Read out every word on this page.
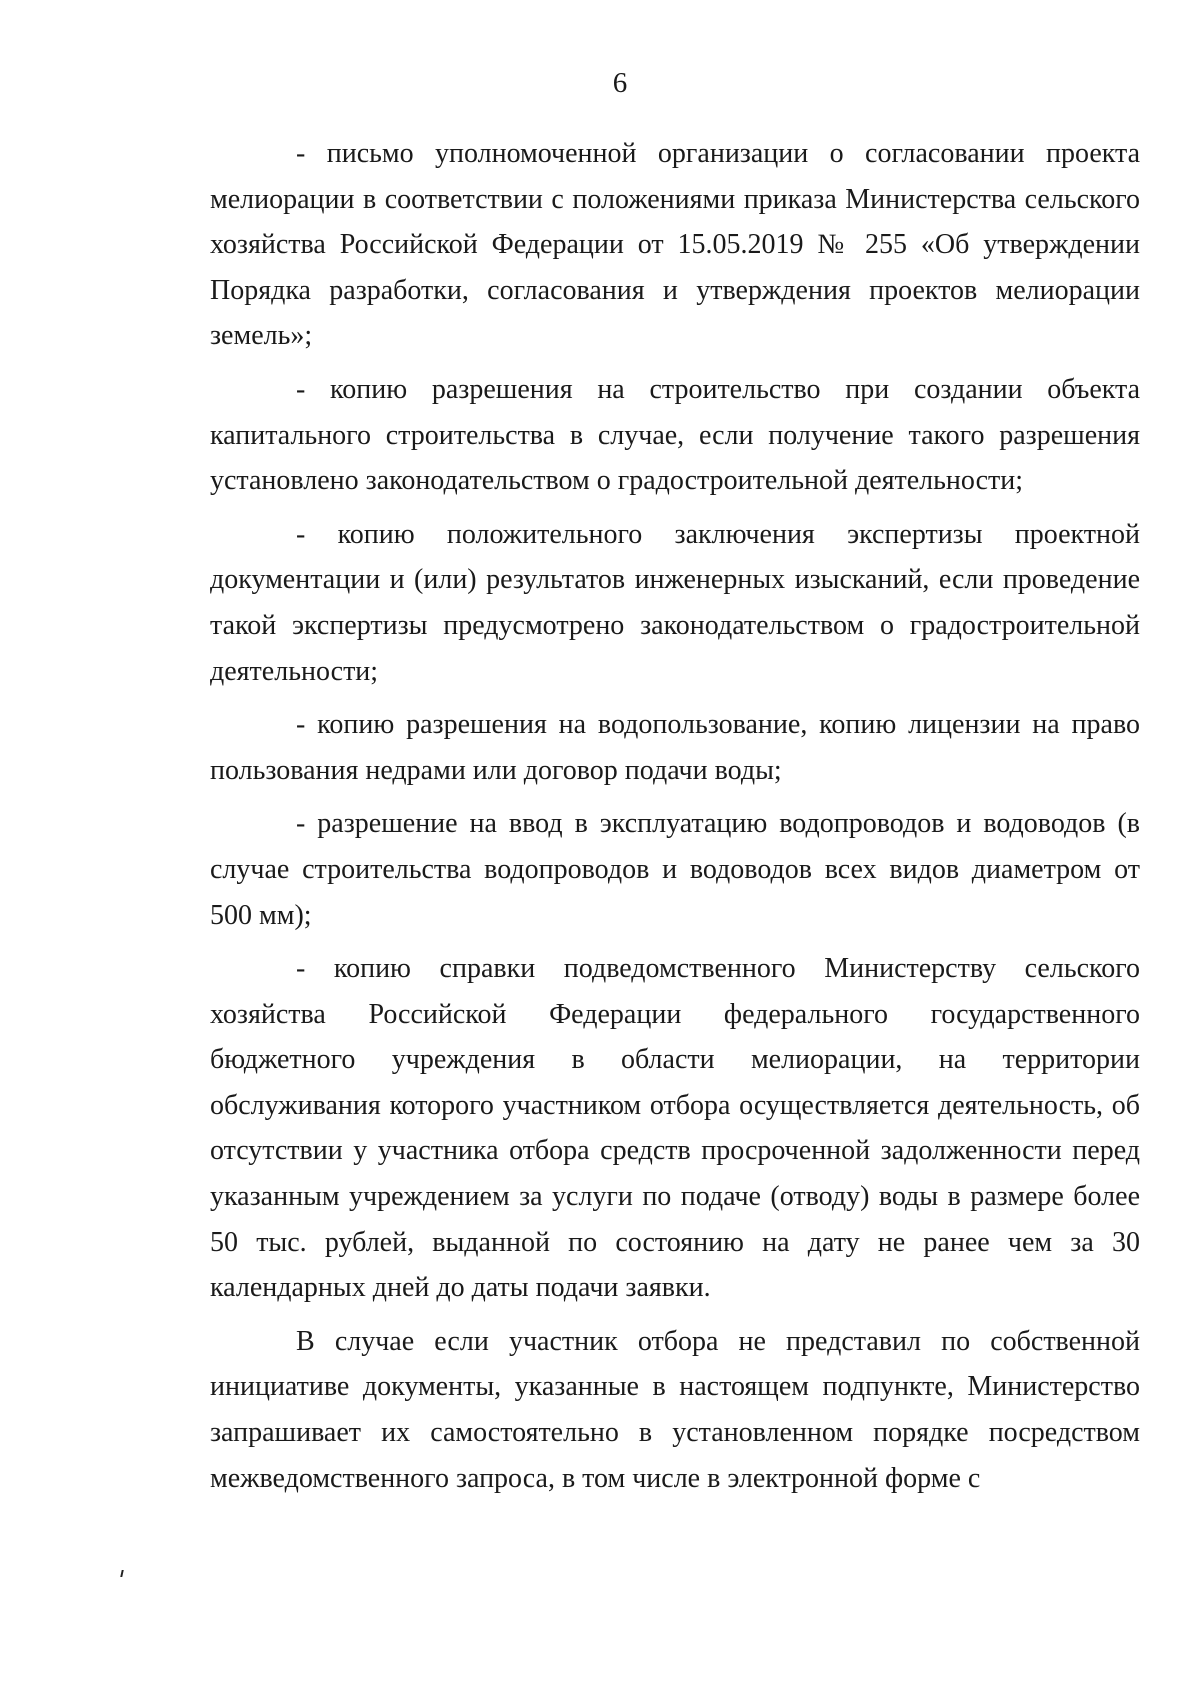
6

- письмо уполномоченной организации о согласовании проекта мелиорации в соответствии с положениями приказа Министерства сельского хозяйства Российской Федерации от 15.05.2019 № 255 «Об утверждении Порядка разработки, согласования и утверждения проектов мелиорации земель»;

- копию разрешения на строительство при создании объекта капитального строительства в случае, если получение такого разрешения установлено законодательством о градостроительной деятельности;

- копию положительного заключения экспертизы проектной документации и (или) результатов инженерных изысканий, если проведение такой экспертизы предусмотрено законодательством о градостроительной деятельности;

- копию разрешения на водопользование, копию лицензии на право пользования недрами или договор подачи воды;

- разрешение на ввод в эксплуатацию водопроводов и водоводов (в случае строительства водопроводов и водоводов всех видов диаметром от 500 мм);

- копию справки подведомственного Министерству сельского хозяйства Российской Федерации федерального государственного бюджетного учреждения в области мелиорации, на территории обслуживания которого участником отбора осуществляется деятельность, об отсутствии у участника отбора средств просроченной задолженности перед указанным учреждением за услуги по подаче (отводу) воды в размере более 50 тыс. рублей, выданной по состоянию на дату не ранее чем за 30 календарных дней до даты подачи заявки.

В случае если участник отбора не представил по собственной инициативе документы, указанные в настоящем подпункте, Министерство запрашивает их самостоятельно в установленном порядке посредством межведомственного запроса, в том числе в электронной форме с
